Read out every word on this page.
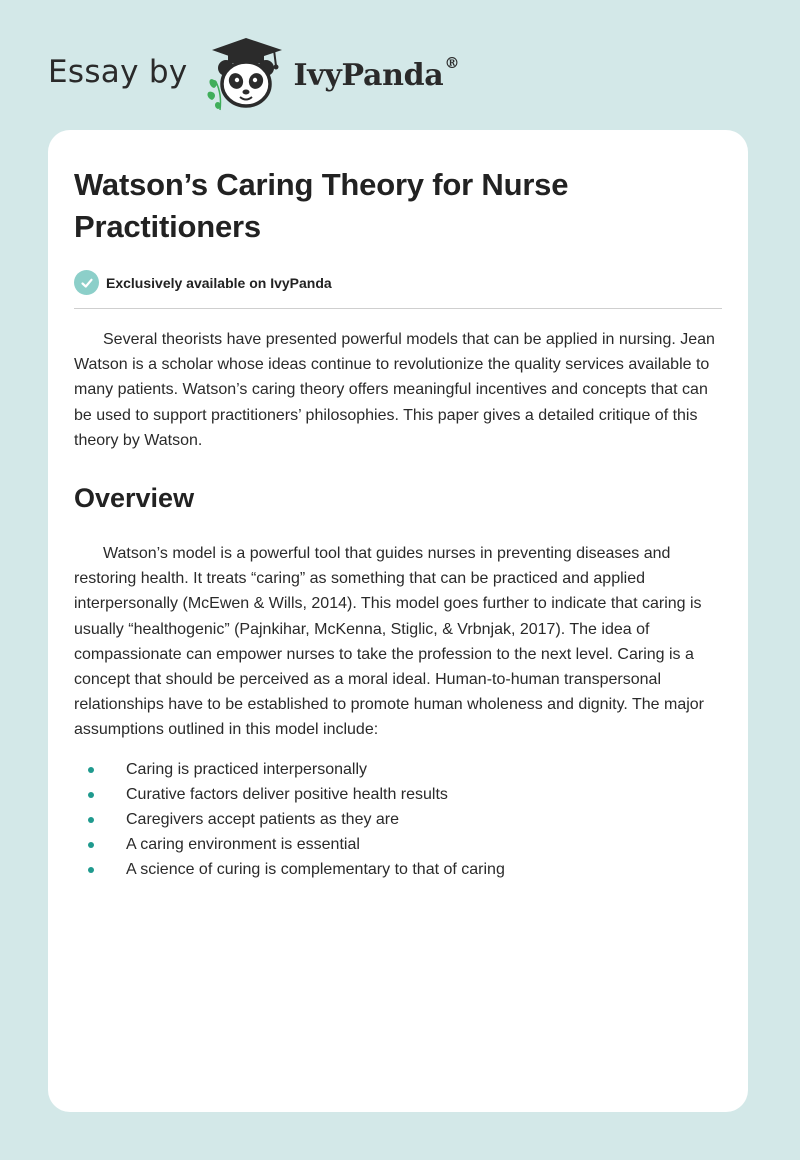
Essay by	IvyPanda®
Watson’s Caring Theory for Nurse Practitioners
Exclusively available on IvyPanda

Several theorists have presented powerful models that can be applied in nursing. Jean Watson is a scholar whose ideas continue to revolutionize the quality services available to many patients. Watson’s caring theory offers meaningful incentives and concepts that can be used to support practitioners’ philosophies. This paper gives a detailed critique of this theory by Watson.

Overview

Watson’s model is a powerful tool that guides nurses in preventing diseases and restoring health. It treats “caring” as something that can be practiced and applied interpersonally (McEwen & Wills, 2014). This model goes further to indicate that caring is usually “healthogenic” (Pajnkihar, McKenna, Stiglic, & Vrbnjak, 2017). The idea of compassionate can empower nurses to take the profession to the next level. Caring is a concept that should be perceived as a moral ideal. Human-to-human transpersonal relationships have to be established to promote human wholeness and dignity. The major assumptions outlined in this model include:

Caring is practiced interpersonally
Curative factors deliver positive health results
Caregivers accept patients as they are
A caring environment is essential
A science of curing is complementary to that of caring
